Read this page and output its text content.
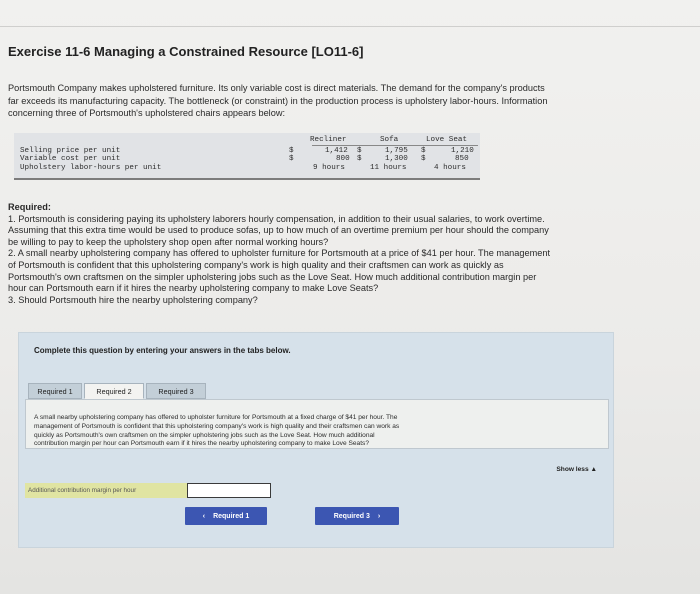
Exercise 11-6 Managing a Constrained Resource [LO11-6]
Portsmouth Company makes upholstered furniture. Its only variable cost is direct materials. The demand for the company's products
far exceeds its manufacturing capacity. The bottleneck (or constraint) in the production process is upholstery labor-hours. Information
concerning three of Portsmouth's upholstered chairs appears below:
Recliner	Sofa	Love Seat
Selling price per unit	$	1,412 $	1,795 $	1,210
Variable cost per unit	$	800 $	1,300 $	850
Upholstery labor-hours per unit	9 hours	11 hours	4 hours
Required:
1. Portsmouth is considering paying its upholstery laborers hourly compensation, in addition to their usual salaries, to work overtime.
Assuming that this extra time would be used to produce sofas, up to how much of an overtime premium per hour should the company
be willing to pay to keep the upholstery shop open after normal working hours?
2. A small nearby upholstering company has offered to upholster furniture for Portsmouth at a price of $41 per hour. The management
of Portsmouth is confident that this upholstering company's work is high quality and their craftsmen can work as quickly as
Portsmouth's own craftsmen on the simpler upholstering jobs such as the Love Seat. How much additional contribution margin per
hour can Portsmouth earn if it hires the nearby upholstering company to make Love Seats?
3. Should Portsmouth hire the nearby upholstering company?
Complete this question by entering your answers in the tabs below.
Required 1	Required 2	Required 3
A small nearby upholstering company has offered to upholster furniture for Portsmouth at a fixed charge of $41 per hour. The
management of Portsmouth is confident that this upholstering company's work is high quality and their craftsmen can work as
quickly as Portsmouth's own craftsmen on the simpler upholstering jobs such as the Love Seat. How much additional
contribution margin per hour can Portsmouth earn if it hires the nearby upholstering company to make Love Seats?
Show less ▲
Additional contribution margin per hour
‹ Required 1	Required 3 ›
